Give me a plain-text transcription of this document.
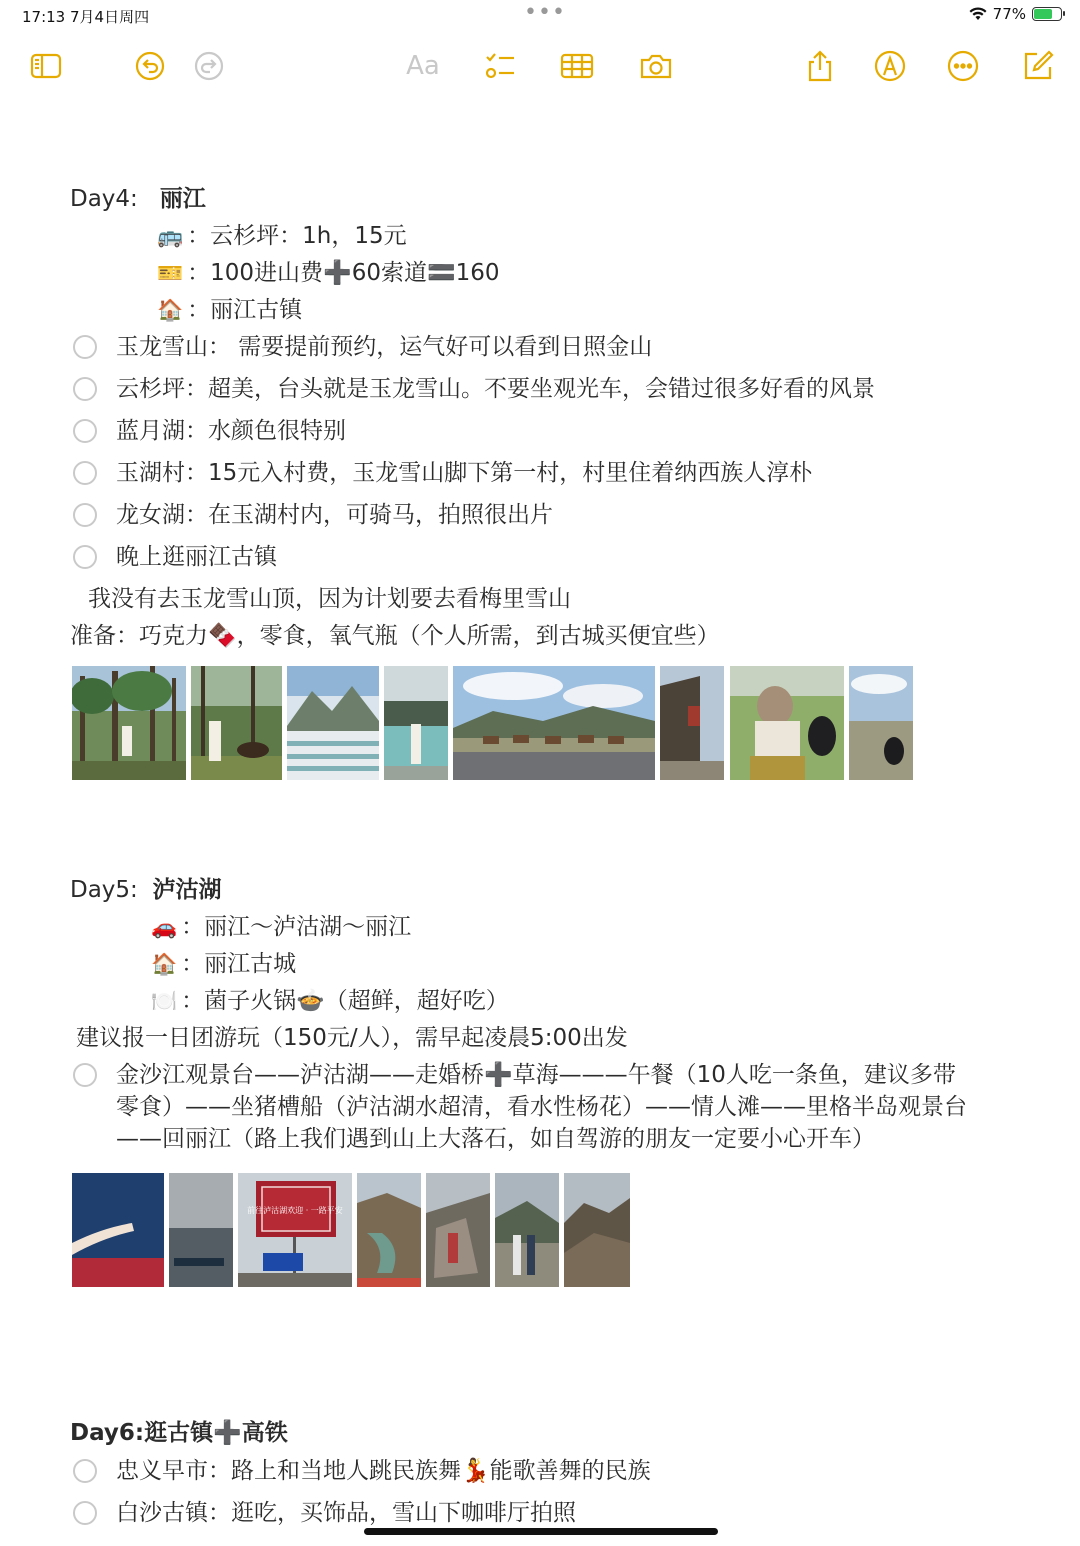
17:13 7月4日周四	•••	77%
Aa
Day4: 丽江
🚌 ：云杉坪：1h，15元
🎫 ：100进山费➕60索道🟰160
🏠 ：丽江古镇
玉龙雪山： 需要提前预约，运气好可以看到日照金山
云杉坪：超美，台头就是玉龙雪山。不要坐观光车，会错过很多好看的风景
蓝月湖：水颜色很特别
玉湖村：15元入村费，玉龙雪山脚下第一村，村里住着纳西族人淳朴
龙女湖：在玉湖村内，可骑马，拍照很出片
晚上逛丽江古镇
我没有去玉龙雪山顶，因为计划要去看梅里雪山
准备：巧克力🍫，零食，氧气瓶（个人所需，到古城买便宜些）
Day5: 泸沽湖
🚗 ：丽江～泸沽湖～丽江
🏠 ：丽江古城
🍽️ ：菌子火锅🍲（超鲜，超好吃）
建议报一日团游玩（150元/人），需早起凌晨5:00出发
金沙江观景台——泸沽湖——走婚桥➕草海———午餐（10人吃一条鱼，建议多带
零食）——坐猪槽船（泸沽湖水超清，看水性杨花）——情人滩——里格半岛观景台
——回丽江（路上我们遇到山上大落石，如自驾游的朋友一定要小心开车）
前往泸沽湖欢迎 · 一路平安
Day6:逛古镇➕高铁
忠义早市：路上和当地人跳民族舞💃能歌善舞的民族
白沙古镇：逛吃，买饰品，雪山下咖啡厅拍照
